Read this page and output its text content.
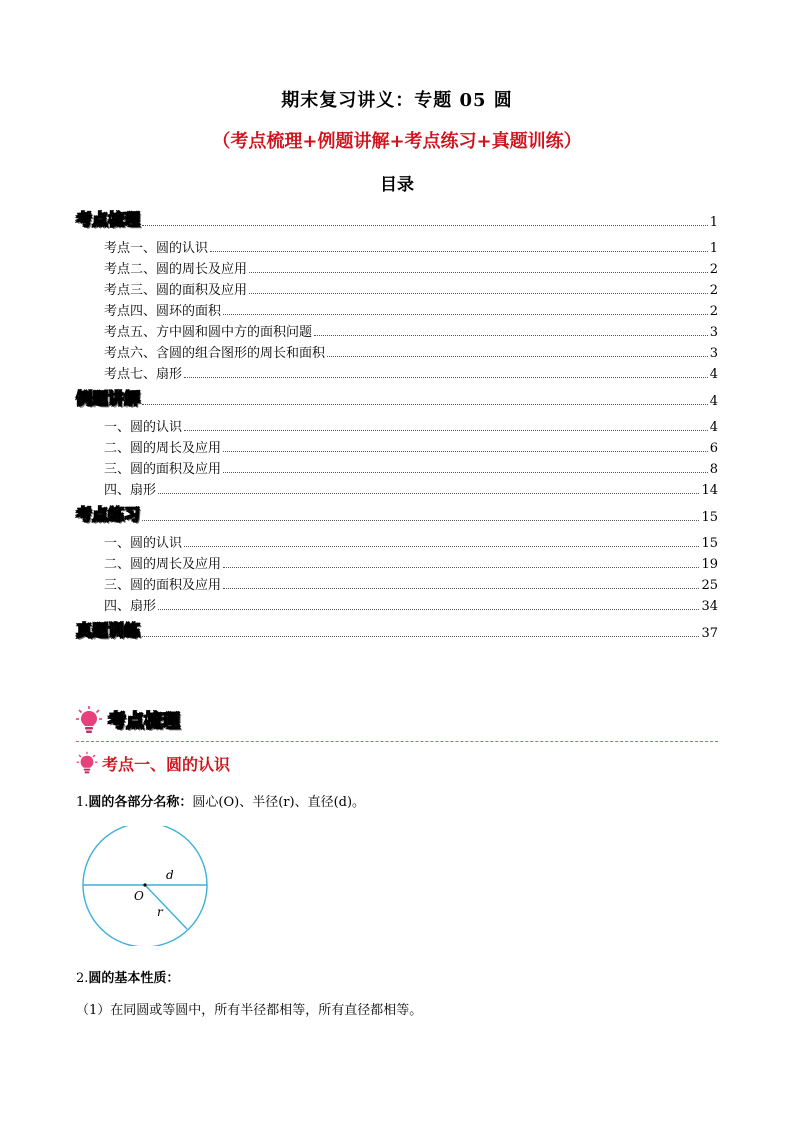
期末复习讲义：专题 05 圆
（考点梳理+例题讲解+考点练习+真题训练）
目录
考点梳理	1
考点一、圆的认识	1
考点二、圆的周长及应用	2
考点三、圆的面积及应用	2
考点四、圆环的面积	2
考点五、方中圆和圆中方的面积问题	3
考点六、含圆的组合图形的周长和面积	3
考点七、扇形	4
例题讲解	4
一、圆的认识	4
二、圆的周长及应用	6
三、圆的面积及应用	8
四、扇形	14
考点练习	15
一、圆的认识	15
二、圆的周长及应用	19
三、圆的面积及应用	25
四、扇形	34
真题训练	37
考点梳理
考点一、圆的认识
1.圆的各部分名称：圆心(O)、半径(r)、直径(d)。
O
d
r
2.圆的基本性质：
（1）在同圆或等圆中，所有半径都相等，所有直径都相等。
